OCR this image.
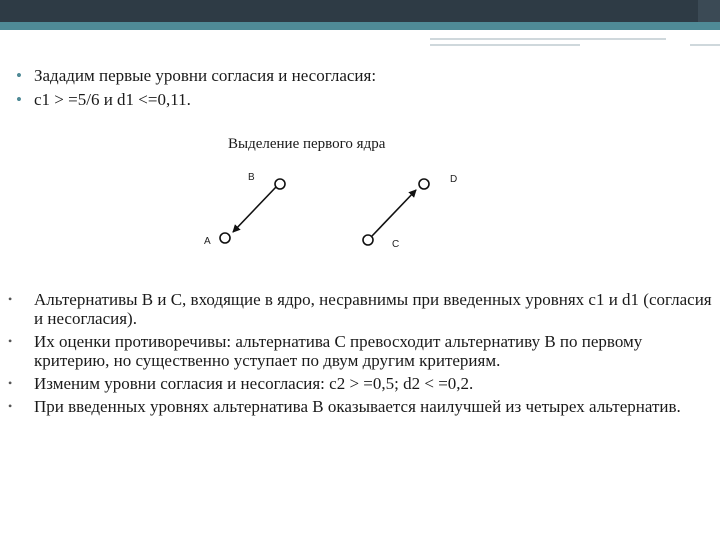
• Зададим первые уровни согласия и несогласия:
• c1 > =5/6 и d1 <=0,11.
Выделение первого ядра
B
A
D
C
• Альтернативы B и C, входящие в ядро, несравнимы при введенных уровнях c1 и d1 (согласия и несогласия).
• Их оценки противоречивы: альтернатива C превосходит альтернативу B по первому критерию, но существенно уступает по двум другим критериям.
• Изменим уровни согласия и несогласия: c2 > =0,5; d2 < =0,2.
• При введенных уровнях альтернатива B оказывается наилучшей из четырех альтернатив.
